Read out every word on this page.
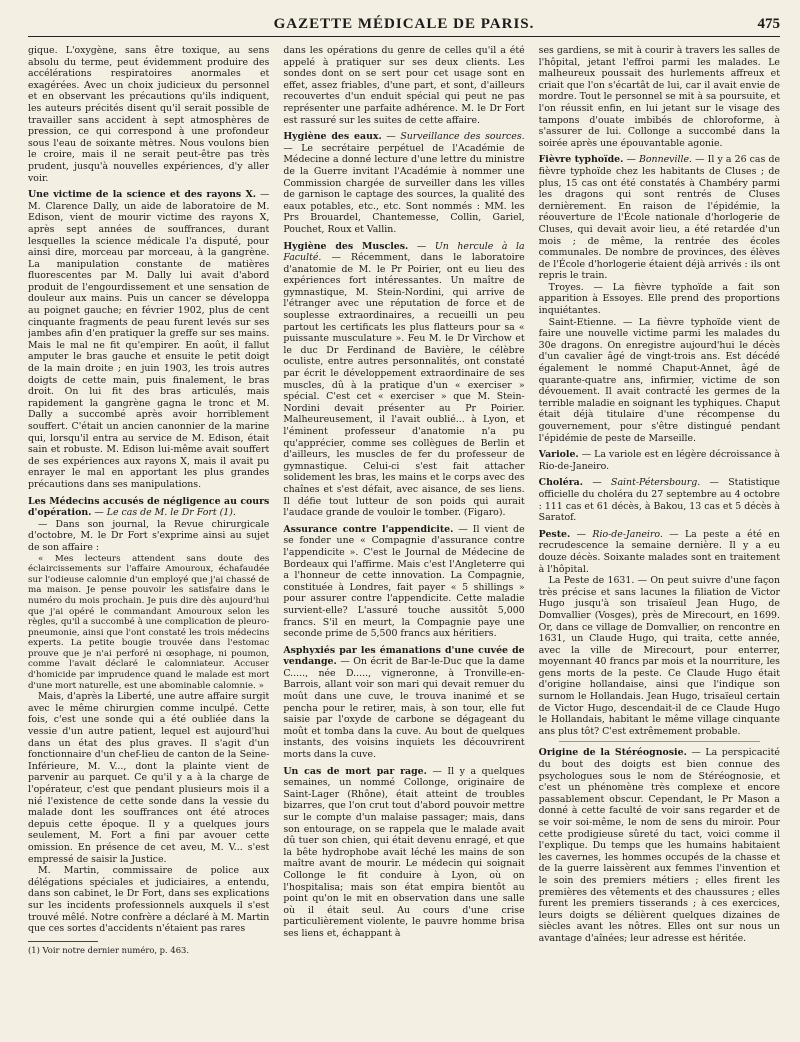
GAZETTE MÉDICALE DE PARIS.	475

gique. L'oxygène, sans être toxique, au sens absolu du terme, peut évidemment produire des accélérations respiratoires anormales et exagérées. Avec un choix judicieux du personnel et en observant les précautions qu'ils indiquent, les auteurs précités disent qu'il serait possible de travailler sans accident à sept atmosphères de pression, ce qui correspond à une profondeur sous l'eau de soixante mètres. Nous voulons bien le croire, mais il ne serait peut-être pas très prudent, jusqu'à nouvelles expériences, d'y aller voir.

Une victime de la science et des rayons X. — M. Clarence Dally, un aide de laboratoire de M. Edison, vient de mourir victime des rayons X, après sept années de souffrances, durant lesquelles la science médicale l'a disputé, pour ainsi dire, morceau par morceau, à la gangrène. La manipulation constante de matières fluorescentes par M. Dally lui avait d'abord produit de l'engourdissement et une sensation de douleur aux mains. Puis un cancer se développa au poignet gauche; en février 1902, plus de cent cinquante fragments de peau furent levés sur ses jambes afin d'en pratiquer la greffe sur ses mains. Mais le mal ne fit qu'empirer. En août, il fallut amputer le bras gauche et ensuite le petit doigt de la main droite ; en juin 1903, les trois autres doigts de cette main, puis finalement, le bras droit. On lui fit des bras articulés, mais rapidement la gangrène gagna le tronc et M. Dally a succombé après avoir horriblement souffert. C'était un ancien canonnier de la marine qui, lorsqu'il entra au service de M. Edison, était sain et robuste. M. Edison lui-même avait souffert de ses expériences aux rayons X, mais il avait pu enrayer le mal en apportant les plus grandes précautions dans ses manipulations.

Les Médecins accusés de négligence au cours d'opération. — Le cas de M. le Dr Fort (1).

— Dans son journal, la Revue chirurgicale d'octobre, M. le Dr Fort s'exprime ainsi au sujet de son affaire :

« Mes lecteurs attendent sans doute des éclaircissements sur l'affaire Amouroux, échafaudée sur l'odieuse calomnie d'un employé que j'ai chassé de ma maison. Je pense pouvoir les satisfaire dans le numéro du mois prochain. Je puis dire dès aujourd'hui que j'ai opéré le commandant Amouroux selon les règles, qu'il a succombé à une complication de pleuro-pneumonie, ainsi que l'ont constaté les trois médecins experts. La petite bougie trouvée dans l'estomac prouve que je n'ai perforé ni œsophage, ni poumon, comme l'avait déclaré le calomniateur. Accuser d'homicide par imprudence quand le malade est mort d'une mort naturelle, est une abominable calomnie. »

Mais, d'après la Liberté, une autre affaire surgit avec le même chirurgien comme inculpé. Cette fois, c'est une sonde qui a été oubliée dans la vessie d'un autre patient, lequel est aujourd'hui dans un état des plus graves. Il s'agit d'un fonctionnaire d'un chef-lieu de canton de la Seine-Inférieure, M. V..., dont la plainte vient de parvenir au parquet. Ce qu'il y a à la charge de l'opérateur, c'est que pendant plusieurs mois il a nié l'existence de cette sonde dans la vessie du malade dont les souffrances ont été atroces depuis cette époque. Il y a quelques jours seulement, M. Fort a fini par avouer cette omission. En présence de cet aveu, M. V... s'est empressé de saisir la Justice.

M. Martin, commissaire de police aux délégations spéciales et judiciaires, a entendu, dans son cabinet, le Dr Fort, dans ses explications sur les incidents professionnels auxquels il s'est trouvé mêlé. Notre confrère a déclaré à M. Martin que ces sortes d'accidents n'étaient pas rares

(1) Voir notre dernier numéro, p. 463.

dans les opérations du genre de celles qu'il a été appelé à pratiquer sur ses deux clients. Les sondes dont on se sert pour cet usage sont en effet, assez friables, d'une part, et sont, d'ailleurs recouvertes d'un enduit spécial qui peut ne pas représenter une parfaite adhérence. M. le Dr Fort est rassuré sur les suites de cette affaire.

Hygiène des eaux. — Surveillance des sources. — Le secrétaire perpétuel de l'Académie de Médecine a donné lecture d'une lettre du ministre de la Guerre invitant l'Académie à nommer une Commission chargée de surveiller dans les villes de garnison le captage des sources, la qualité des eaux potables, etc., etc. Sont nommés : MM. les Prs Brouardel, Chantemesse, Collin, Gariel, Pouchet, Roux et Vallin.

Hygiène des Muscles. — Un hercule à la Faculté. — Récemment, dans le laboratoire d'anatomie de M. le Pr Poirier, ont eu lieu des expériences fort intéressantes. Un maître de gymnastique, M. Stein-Nordini, qui arrive de l'étranger avec une réputation de force et de souplesse extraordinaires, a recueilli un peu partout les certificats les plus flatteurs pour sa « puissante musculature ». Feu M. le Dr Virchow et le duc Dr Ferdinand de Bavière, le célèbre oculiste, entre autres personnalités, ont constaté par écrit le développement extraordinaire de ses muscles, dû à la pratique d'un « exerciser » spécial. C'est cet « exerciser » que M. Stein-Nordini devait présenter au Pr Poirier. Malheureusement, il l'avait oublié... à Lyon, et l'éminent professeur d'anatomie n'a pu qu'apprécier, comme ses collègues de Berlin et d'ailleurs, les muscles de fer du professeur de gymnastique. Celui-ci s'est fait attacher solidement les bras, les mains et le corps avec des chaînes et s'est défait, avec aisance, de ses liens. Il défie tout lutteur de son poids qui aurait l'audace grande de vouloir le tomber. (Figaro).

Assurance contre l'appendicite. — Il vient de se fonder une « Compagnie d'assurance contre l'appendicite ». C'est le Journal de Médecine de Bordeaux qui l'affirme. Mais c'est l'Angleterre qui a l'honneur de cette innovation. La Compagnie, constituée à Londres, fait payer « 5 shillings » pour assurer contre l'appendicite. Cette maladie survient-elle? L'assuré touche aussitôt 5,000 francs. S'il en meurt, la Compagnie paye une seconde prime de 5,500 francs aux héritiers.

Asphyxiés par les émanations d'une cuvée de vendange. — On écrit de Bar-le-Duc que la dame C....., née D....., vigneronne, à Tronville-en-Barrois, allant voir son mari qui devait remuer du moût dans une cuve, le trouva inanimé et se pencha pour le retirer, mais, à son tour, elle fut saisie par l'oxyde de carbone se dégageant du moût et tomba dans la cuve. Au bout de quelques instants, des voisins inquiets les découvrirent morts dans la cuve.

Un cas de mort par rage. — Il y a quelques semaines, un nommé Collonge, originaire de Saint-Lager (Rhône), était atteint de troubles bizarres, que l'on crut tout d'abord pouvoir mettre sur le compte d'un malaise passager; mais, dans son entourage, on se rappela que le malade avait dû tuer son chien, qui était devenu enragé, et que la bête hydrophobe avait léché les mains de son maître avant de mourir. Le médecin qui soignait Collonge le fit conduire à Lyon, où on l'hospitalisa; mais son état empira bientôt au point qu'on le mit en observation dans une salle où il était seul. Au cours d'une crise particulièrement violente, le pauvre homme brisa ses liens et, échappant à

ses gardiens, se mit à courir à travers les salles de l'hôpital, jetant l'effroi parmi les malades. Le malheureux poussait des hurlements affreux et criait que l'on s'écartât de lui, car il avait envie de mordre. Tout le personnel se mit à sa poursuite, et l'on réussit enfin, en lui jetant sur le visage des tampons d'ouate imbibés de chloroforme, à s'assurer de lui. Collonge a succombé dans la soirée après une épouvantable agonie.

Fièvre typhoïde. — Bonneville. — Il y a 26 cas de fièvre typhoïde chez les habitants de Cluses ; de plus, 15 cas ont été constatés à Chambéry parmi les dragons qui sont rentrés de Cluses dernièrement. En raison de l'épidémie, la réouverture de l'École nationale d'horlogerie de Cluses, qui devait avoir lieu, a été retardée d'un mois ; de même, la rentrée des écoles communales. De nombre de provinces, des élèves de l'École d'horlogerie étaient déjà arrivés : ils ont repris le train.

Troyes. — La fièvre typhoïde a fait son apparition à Essoyes. Elle prend des proportions inquiétantes.

Saint-Etienne. — La fièvre typhoïde vient de faire une nouvelle victime parmi les malades du 30e dragons. On enregistre aujourd'hui le décès d'un cavalier âgé de vingt-trois ans. Est décédé également le nommé Chaput-Annet, âgé de quarante-quatre ans, infirmier, victime de son dévouement. Il avait contracté les germes de la terrible maladie en soignant les typhiques. Chaput était déjà titulaire d'une récompense du gouvernement, pour s'être distingué pendant l'épidémie de peste de Marseille.

Variole. — La variole est en légère décroissance à Rio-de-Janeiro.

Choléra. — Saint-Pétersbourg. — Statistique officielle du choléra du 27 septembre au 4 octobre : 111 cas et 61 décès, à Bakou, 13 cas et 5 décès à Saratof.

Peste. — Rio-de-Janeiro. — La peste a été en recrudescence la semaine dernière. Il y a eu douze décès. Soixante malades sont en traitement à l'hôpital.

La Peste de 1631. — On peut suivre d'une façon très précise et sans lacunes la filiation de Victor Hugo jusqu'à son trisaïeul Jean Hugo, de Domvallier (Vosges), près de Mirecourt, en 1699. Or, dans ce village de Domvallier, on rencontre en 1631, un Claude Hugo, qui traita, cette année, avec la ville de Mirecourt, pour enterrer, moyennant 40 francs par mois et la nourriture, les gens morts de la peste. Ce Claude Hugo était d'origine hollandaise, ainsi que l'indique son surnom le Hollandais. Jean Hugo, trisaïeul certain de Victor Hugo, descendait-il de ce Claude Hugo le Hollandais, habitant le même village cinquante ans plus tôt? C'est extrêmement probable.

Origine de la Stéréognosie. — La perspicacité du bout des doigts est bien connue des psychologues sous le nom de Stéréognosie, et c'est un phénomène très complexe et encore passablement obscur. Cependant, le Pr Mason a donné à cette faculté de voir sans regarder et de se voir soi-même, le nom de sens du miroir. Pour cette prodigieuse sûreté du tact, voici comme il l'explique. Du temps que les humains habitaient les cavernes, les hommes occupés de la chasse et de la guerre laissèrent aux femmes l'invention et le soin des premiers métiers ; elles firent les premières des vêtements et des chaussures ; elles furent les premiers tisserands ; à ces exercices, leurs doigts se délièrent quelques dizaines de siècles avant les nôtres. Elles ont sur nous un avantage d'aînées; leur adresse est héritée.
